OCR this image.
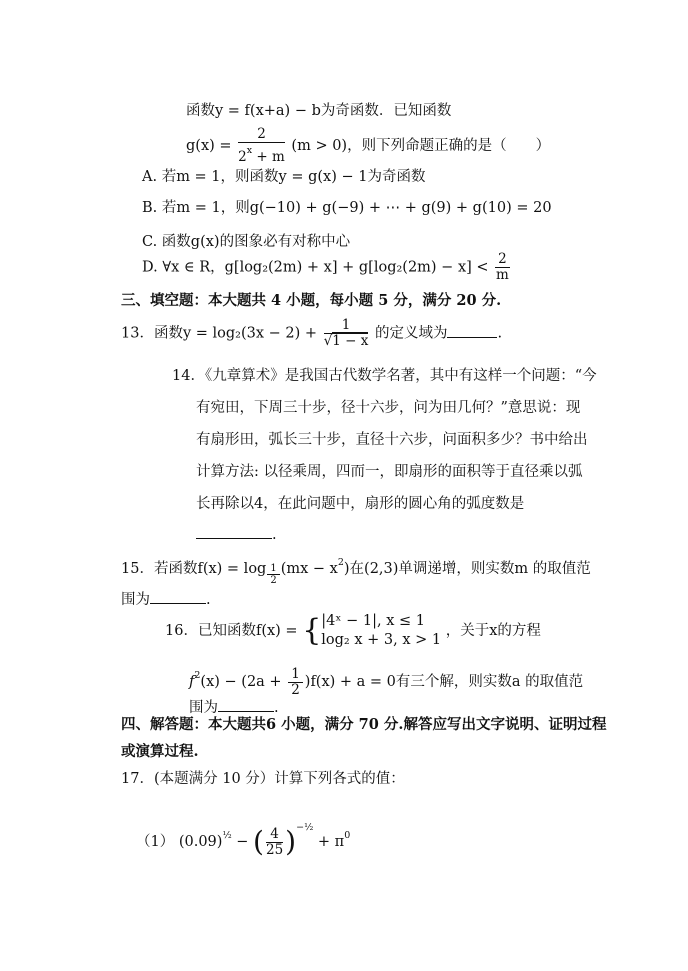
函数y = f(x+a) − b为奇函数．已知函数
$g(x) = \frac{2}{2^x + m} (m > 0)$，则下列命题正确的是（　　）
A. 若m = 1，则函数y = g(x) − 1为奇函数
B. 若m = 1，则g(−10) + g(−9) + ⋯ + g(9) + g(10) = 20
C. 函数g(x)的图象必有对称中心
D. ∀x ∈ R，$g[\log_2(2m) + x] + g[\log_2(2m) - x] < \frac{2}{m}$
三、填空题：本大题共 4 小题，每小题 5 分，满分 20 分.
13．函数$y = \log_2(3x - 2) + \frac{1}{√1 - x}$ 的定义域为	.
14．《九章算术》是我国古代数学名著，其中有这样一个问题：“今
有宛田，下周三十步，径十六步，问为田几何？”意思说：现
有扇形田，弧长三十步，直径十六步，问面积多少？书中给出
计算方法: 以径乘周，四而一，即扇形的面积等于直径乘以弧
长再除以4，在此问题中，扇形的圆心角的弧度数是
.
15．若函数$f(x) = \log \frac{1}{2} (mx - x^2)$在(2,3)单调递增，则实数m 的取值范
围为	.
16．已知函数f(x) = { |4ˣ − 1|, x ≤ 1
log₂ x + 3, x > 1
，关于x的方程
$f^2(x) - (2a + \frac{1}{2} )f(x) + a = 0$有三个解，则实数a 的取值范
围为	.
四、解答题：本大题共6 小题，满分 70 分.解答应写出文字说明、证明过程
或演算过程.
17．(本题满分 10 分）计算下列各式的值：
（1） $(0.09)^{\frac{1}{2}}$ − ( $\frac{4}{25} )^{-\frac{1}{2}} + \pi^0$
